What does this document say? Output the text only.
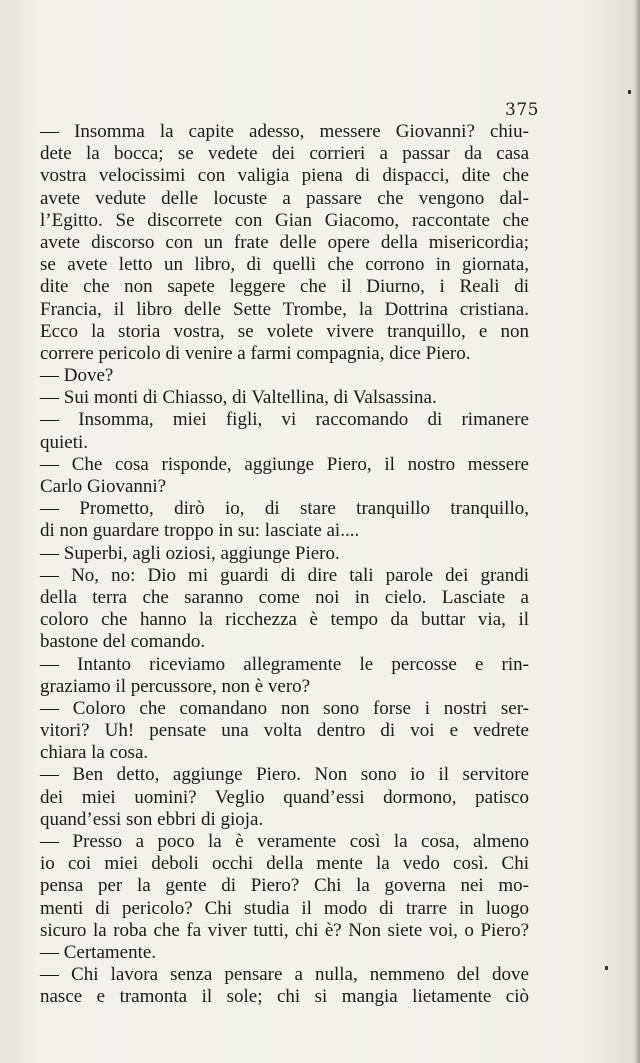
375
— Insomma la capite adesso, messere Giovanni? chiu-
dete la bocca; se vedete dei corrieri a passar da casa
vostra velocissimi con valigia piena di dispacci, dite che
avete vedute delle locuste a passare che vengono dal-
l’Egitto. Se discorrete con Gian Giacomo, raccontate che
avete discorso con un frate delle opere della misericordia;
se avete letto un libro, di quelli che corrono in giornata,
dite che non sapete leggere che il Diurno, i Reali di
Francia, il libro delle Sette Trombe, la Dottrina cristiana.
Ecco la storia vostra, se volete vivere tranquillo, e non
correre pericolo di venire a farmi compagnia, dice Piero.
— Dove?
— Sui monti di Chiasso, di Valtellina, di Valsassina.
— Insomma, miei figli, vi raccomando di rimanere
quieti.
— Che cosa risponde, aggiunge Piero, il nostro messere
Carlo Giovanni?
— Prometto, dirò io, di stare tranquillo tranquillo,
di non guardare troppo in su: lasciate ai....
— Superbi, agli oziosi, aggiunge Piero.
— No, no: Dio mi guardi di dire tali parole dei grandi
della terra che saranno come noi in cielo. Lasciate a
coloro che hanno la ricchezza è tempo da buttar via, il
bastone del comando.
— Intanto riceviamo allegramente le percosse e rin-
graziamo il percussore, non è vero?
— Coloro che comandano non sono forse i nostri ser-
vitori? Uh! pensate una volta dentro di voi e vedrete
chiara la cosa.
— Ben detto, aggiunge Piero. Non sono io il servitore
dei miei uomini? Veglio quand’essi dormono, patisco
quand’essi son ebbri di gioja.
— Presso a poco la è veramente così la cosa, almeno
io coi miei deboli occhi della mente la vedo così. Chi
pensa per la gente di Piero? Chi la governa nei mo-
menti di pericolo? Chi studia il modo di trarre in luogo
sicuro la roba che fa viver tutti, chi è? Non siete voi, o Piero?
— Certamente.
— Chi lavora senza pensare a nulla, nemmeno del dove
nasce e tramonta il sole; chi si mangia lietamente ciò
